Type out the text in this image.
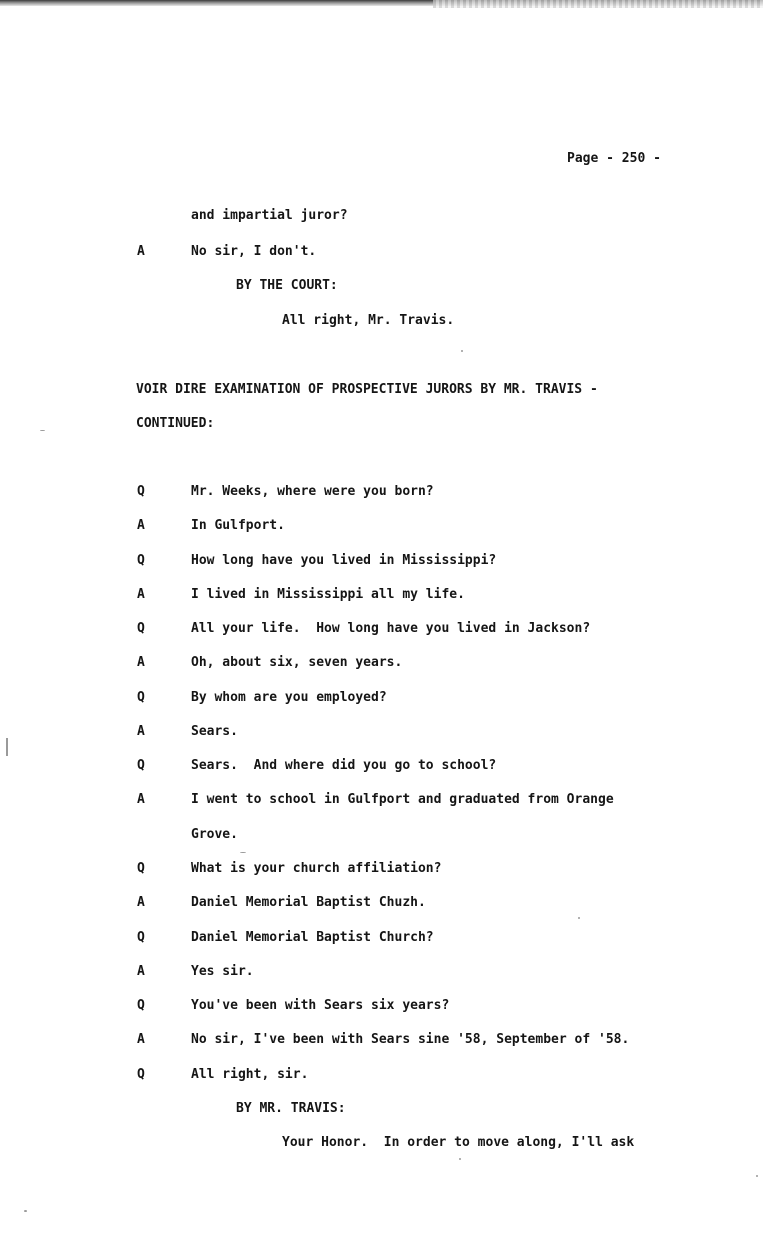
Page - 250 -
and impartial juror?
A	No sir, I don't.
BY THE COURT:
All right, Mr. Travis.
VOIR DIRE EXAMINATION OF PROSPECTIVE JURORS BY MR. TRAVIS -
CONTINUED:
Q	Mr. Weeks, where were you born?
A	In Gulfport.
Q	How long have you lived in Mississippi?
A	I lived in Mississippi all my life.
Q	All your life.  How long have you lived in Jackson?
A	Oh, about six, seven years.
Q	By whom are you employed?
A	Sears.
Q	Sears.  And where did you go to school?
A	I went to school in Gulfport and graduated from Orange
Grove.
Q	What is your church affiliation?
A	Daniel Memorial Baptist Chuzh.
Q	Daniel Memorial Baptist Church?
A	Yes sir.
Q	You've been with Sears six years?
A	No sir, I've been with Sears sine '58, September of '58.
Q	All right, sir.
BY MR. TRAVIS:
Your Honor.  In order to move along, I'll ask
